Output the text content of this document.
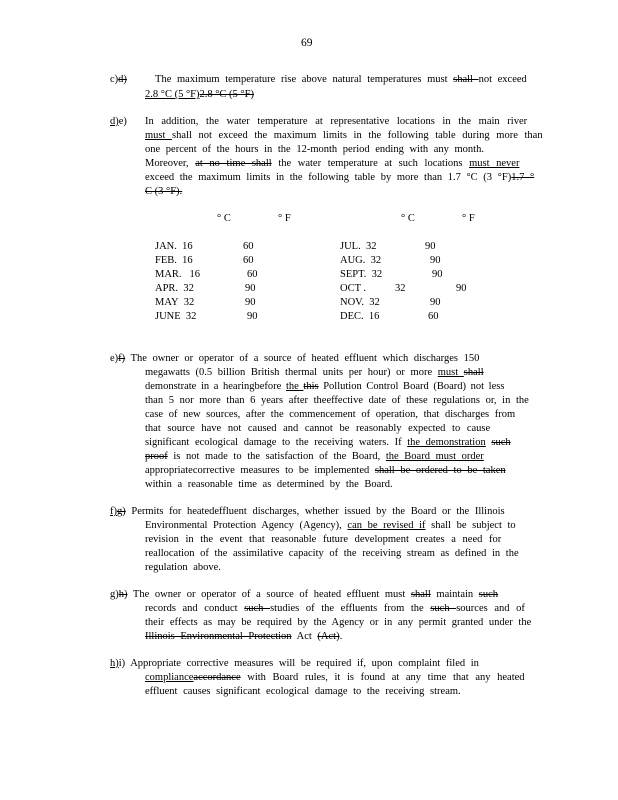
69
c)d)	The maximum temperature rise above natural temperatures must shall not exceed
2.8 °C (5 °F)2.8 °C (5 °F)
d)e) In addition, the water temperature at representative locations in the main river
must shall not exceed the maximum limits in the following table during more than
one percent of the hours in the 12-month period ending with any month.
Moreover, at no time shall the water temperature at such locations must never
exceed the maximum limits in the following table by more than 1.7 °C (3 °F)1.7 °
C (3 °F).
° C	° F	° C	° F
JAN. 16	60
FEB. 16	60
MAR. 16	60
APR. 32	90
MAY 32	90
JUNE 32	90
JUL. 32	90
AUG. 32	90
SEPT. 32	90
OCT .	32	90
NOV. 32	90
DEC. 16	60
e)f) The owner or operator of a source of heated effluent which discharges 150
megawatts (0.5 billion British thermal units per hour) or more must shall
demonstrate in a hearingbefore the this Pollution Control Board (Board) not less
than 5 nor more than 6 years after theeffective date of these regulations or, in the
case of new sources, after the commencement of operation, that discharges from
that source have not caused and cannot be reasonably expected to cause
significant ecological damage to the receiving waters. If the demonstration such
proof is not made to the satisfaction of the Board, the Board must order
appropriatecorrective measures to be implemented shall be ordered to be taken
within a reasonable time as determined by the Board.
f)g) Permits for heatedeffluent discharges, whether issued by the Board or the Illinois
Environmental Protection Agency (Agency), can be revised if shall be subject to
revision in the event that reasonable future development creates a need for
reallocation of the assimilative capacity of the receiving stream as defined in the
regulation above.
g)h) The owner or operator of a source of heated effluent must shall maintain such
records and conduct such studies of the effluents from the such sources and of
their effects as may be required by the Agency or in any permit granted under the
Illinois Environmental Protection Act (Act).
h)i) Appropriate corrective measures will be required if, upon complaint filed in
complianceaccordance with Board rules, it is found at any time that any heated
effluent causes significant ecological damage to the receiving stream.
